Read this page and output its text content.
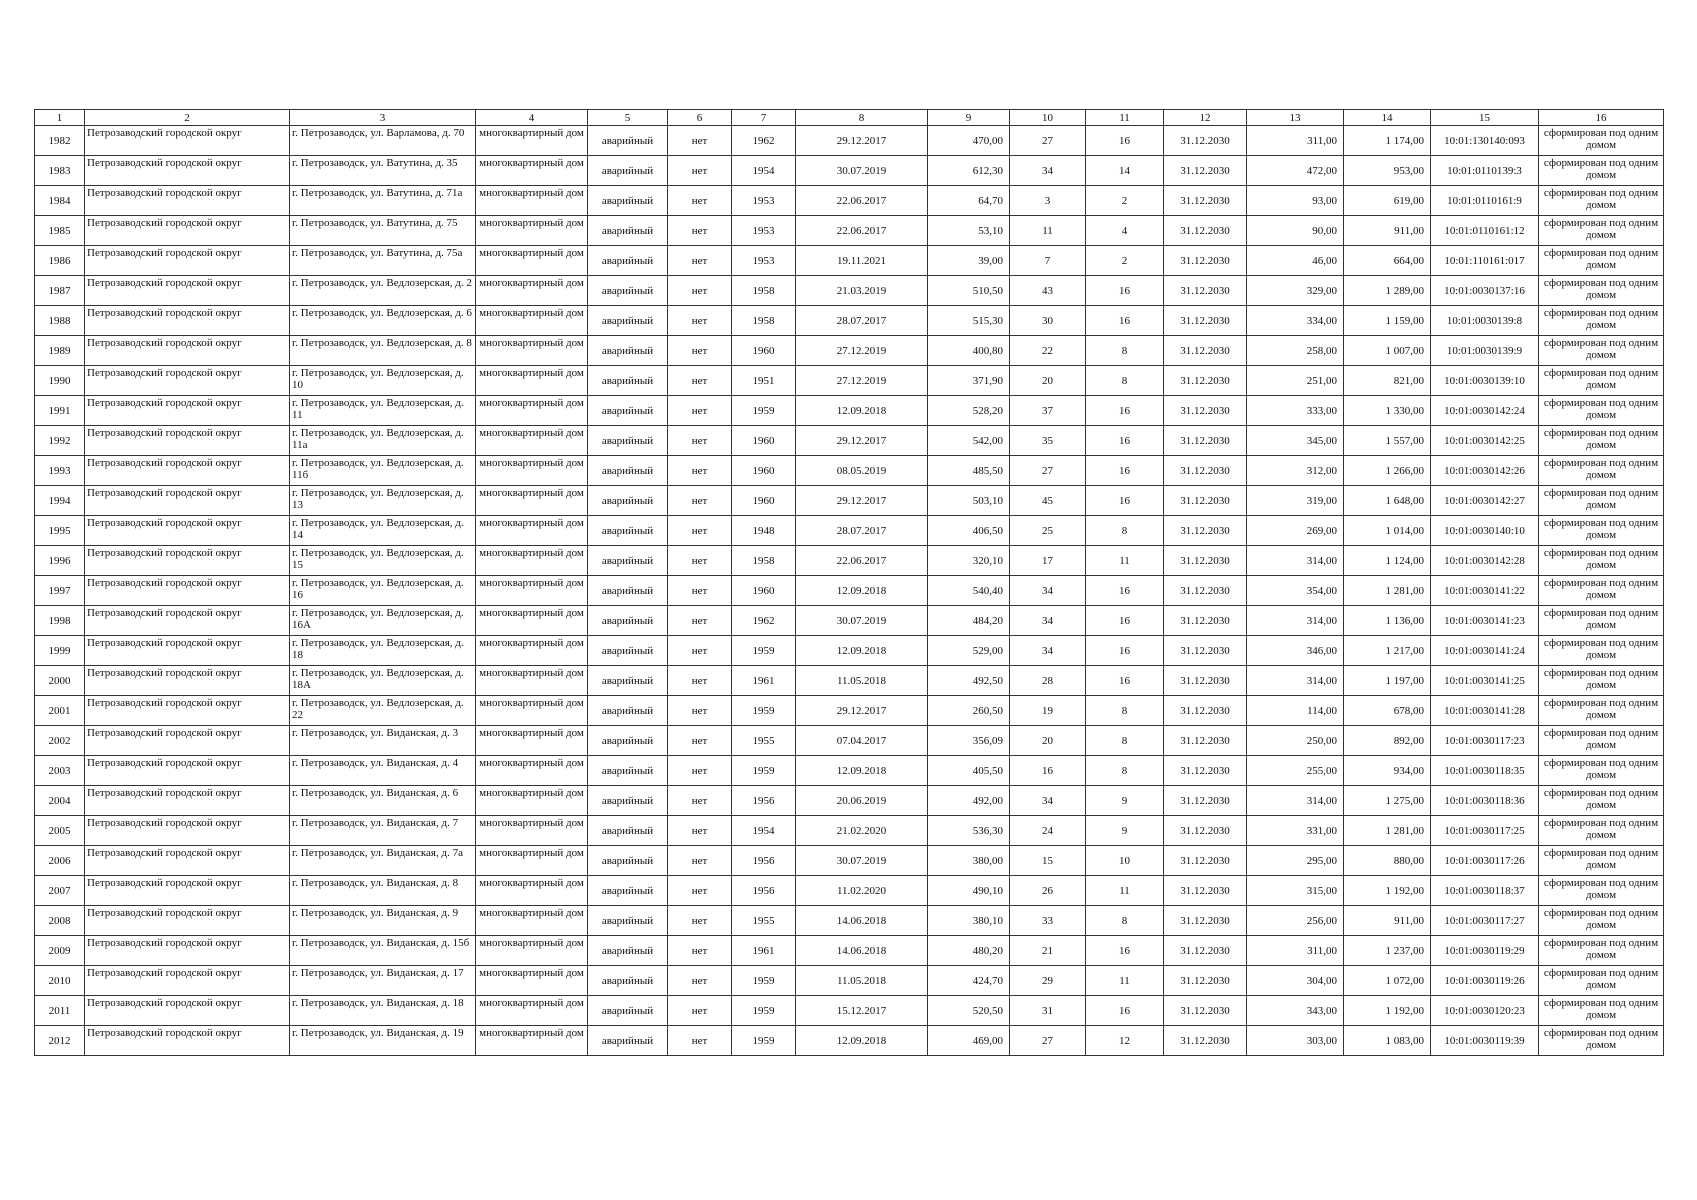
1	2	3	4	5	6	7	8	9	10	11	12	13	14	15	16
1982	Петрозаводский городской округ	г. Петрозаводск, ул. Варламова, д. 70	многоквартирный дом	аварийный	нет	1962	29.12.2017	470,00	27	16	31.12.2030	311,00	1 174,00	10:01:130140:093	сформирован под одним домом
1983	Петрозаводский городской округ	г. Петрозаводск, ул. Ватутина, д. 35	многоквартирный дом	аварийный	нет	1954	30.07.2019	612,30	34	14	31.12.2030	472,00	953,00	10:01:0110139:3	сформирован под одним домом
1984	Петрозаводский городской округ	г. Петрозаводск, ул. Ватутина, д. 71а	многоквартирный дом	аварийный	нет	1953	22.06.2017	64,70	3	2	31.12.2030	93,00	619,00	10:01:0110161:9	сформирован под одним домом
1985	Петрозаводский городской округ	г. Петрозаводск, ул. Ватутина, д. 75	многоквартирный дом	аварийный	нет	1953	22.06.2017	53,10	11	4	31.12.2030	90,00	911,00	10:01:0110161:12	сформирован под одним домом
1986	Петрозаводский городской округ	г. Петрозаводск, ул. Ватутина, д. 75а	многоквартирный дом	аварийный	нет	1953	19.11.2021	39,00	7	2	31.12.2030	46,00	664,00	10:01:110161:017	сформирован под одним домом
1987	Петрозаводский городской округ	г. Петрозаводск, ул. Ведлозерская, д. 2	многоквартирный дом	аварийный	нет	1958	21.03.2019	510,50	43	16	31.12.2030	329,00	1 289,00	10:01:0030137:16	сформирован под одним домом
1988	Петрозаводский городской округ	г. Петрозаводск, ул. Ведлозерская, д. 6	многоквартирный дом	аварийный	нет	1958	28.07.2017	515,30	30	16	31.12.2030	334,00	1 159,00	10:01:0030139:8	сформирован под одним домом
1989	Петрозаводский городской округ	г. Петрозаводск, ул. Ведлозерская, д. 8	многоквартирный дом	аварийный	нет	1960	27.12.2019	400,80	22	8	31.12.2030	258,00	1 007,00	10:01:0030139:9	сформирован под одним домом
1990	Петрозаводский городской округ	г. Петрозаводск, ул. Ведлозерская, д. 10	многоквартирный дом	аварийный	нет	1951	27.12.2019	371,90	20	8	31.12.2030	251,00	821,00	10:01:0030139:10	сформирован под одним домом
1991	Петрозаводский городской округ	г. Петрозаводск, ул. Ведлозерская, д. 11	многоквартирный дом	аварийный	нет	1959	12.09.2018	528,20	37	16	31.12.2030	333,00	1 330,00	10:01:0030142:24	сформирован под одним домом
1992	Петрозаводский городской округ	г. Петрозаводск, ул. Ведлозерская, д. 11а	многоквартирный дом	аварийный	нет	1960	29.12.2017	542,00	35	16	31.12.2030	345,00	1 557,00	10:01:0030142:25	сформирован под одним домом
1993	Петрозаводский городской округ	г. Петрозаводск, ул. Ведлозерская, д. 11б	многоквартирный дом	аварийный	нет	1960	08.05.2019	485,50	27	16	31.12.2030	312,00	1 266,00	10:01:0030142:26	сформирован под одним домом
1994	Петрозаводский городской округ	г. Петрозаводск, ул. Ведлозерская, д. 13	многоквартирный дом	аварийный	нет	1960	29.12.2017	503,10	45	16	31.12.2030	319,00	1 648,00	10:01:0030142:27	сформирован под одним домом
1995	Петрозаводский городской округ	г. Петрозаводск, ул. Ведлозерская, д. 14	многоквартирный дом	аварийный	нет	1948	28.07.2017	406,50	25	8	31.12.2030	269,00	1 014,00	10:01:0030140:10	сформирован под одним домом
1996	Петрозаводский городской округ	г. Петрозаводск, ул. Ведлозерская, д. 15	многоквартирный дом	аварийный	нет	1958	22.06.2017	320,10	17	11	31.12.2030	314,00	1 124,00	10:01:0030142:28	сформирован под одним домом
1997	Петрозаводский городской округ	г. Петрозаводск, ул. Ведлозерская, д. 16	многоквартирный дом	аварийный	нет	1960	12.09.2018	540,40	34	16	31.12.2030	354,00	1 281,00	10:01:0030141:22	сформирован под одним домом
1998	Петрозаводский городской округ	г. Петрозаводск, ул. Ведлозерская, д. 16А	многоквартирный дом	аварийный	нет	1962	30.07.2019	484,20	34	16	31.12.2030	314,00	1 136,00	10:01:0030141:23	сформирован под одним домом
1999	Петрозаводский городской округ	г. Петрозаводск, ул. Ведлозерская, д. 18	многоквартирный дом	аварийный	нет	1959	12.09.2018	529,00	34	16	31.12.2030	346,00	1 217,00	10:01:0030141:24	сформирован под одним домом
2000	Петрозаводский городской округ	г. Петрозаводск, ул. Ведлозерская, д. 18А	многоквартирный дом	аварийный	нет	1961	11.05.2018	492,50	28	16	31.12.2030	314,00	1 197,00	10:01:0030141:25	сформирован под одним домом
2001	Петрозаводский городской округ	г. Петрозаводск, ул. Ведлозерская, д. 22	многоквартирный дом	аварийный	нет	1959	29.12.2017	260,50	19	8	31.12.2030	114,00	678,00	10:01:0030141:28	сформирован под одним домом
2002	Петрозаводский городской округ	г. Петрозаводск, ул. Виданская, д. 3	многоквартирный дом	аварийный	нет	1955	07.04.2017	356,09	20	8	31.12.2030	250,00	892,00	10:01:0030117:23	сформирован под одним домом
2003	Петрозаводский городской округ	г. Петрозаводск, ул. Виданская, д. 4	многоквартирный дом	аварийный	нет	1959	12.09.2018	405,50	16	8	31.12.2030	255,00	934,00	10:01:0030118:35	сформирован под одним домом
2004	Петрозаводский городской округ	г. Петрозаводск, ул. Виданская, д. 6	многоквартирный дом	аварийный	нет	1956	20.06.2019	492,00	34	9	31.12.2030	314,00	1 275,00	10:01:0030118:36	сформирован под одним домом
2005	Петрозаводский городской округ	г. Петрозаводск, ул. Виданская, д. 7	многоквартирный дом	аварийный	нет	1954	21.02.2020	536,30	24	9	31.12.2030	331,00	1 281,00	10:01:0030117:25	сформирован под одним домом
2006	Петрозаводский городской округ	г. Петрозаводск, ул. Виданская, д. 7а	многоквартирный дом	аварийный	нет	1956	30.07.2019	380,00	15	10	31.12.2030	295,00	880,00	10:01:0030117:26	сформирован под одним домом
2007	Петрозаводский городской округ	г. Петрозаводск, ул. Виданская, д. 8	многоквартирный дом	аварийный	нет	1956	11.02.2020	490,10	26	11	31.12.2030	315,00	1 192,00	10:01:0030118:37	сформирован под одним домом
2008	Петрозаводский городской округ	г. Петрозаводск, ул. Виданская, д. 9	многоквартирный дом	аварийный	нет	1955	14.06.2018	380,10	33	8	31.12.2030	256,00	911,00	10:01:0030117:27	сформирован под одним домом
2009	Петрозаводский городской округ	г. Петрозаводск, ул. Виданская, д. 15б	многоквартирный дом	аварийный	нет	1961	14.06.2018	480,20	21	16	31.12.2030	311,00	1 237,00	10:01:0030119:29	сформирован под одним домом
2010	Петрозаводский городской округ	г. Петрозаводск, ул. Виданская, д. 17	многоквартирный дом	аварийный	нет	1959	11.05.2018	424,70	29	11	31.12.2030	304,00	1 072,00	10:01:0030119:26	сформирован под одним домом
2011	Петрозаводский городской округ	г. Петрозаводск, ул. Виданская, д. 18	многоквартирный дом	аварийный	нет	1959	15.12.2017	520,50	31	16	31.12.2030	343,00	1 192,00	10:01:0030120:23	сформирован под одним домом
2012	Петрозаводский городской округ	г. Петрозаводск, ул. Виданская, д. 19	многоквартирный дом	аварийный	нет	1959	12.09.2018	469,00	27	12	31.12.2030	303,00	1 083,00	10:01:0030119:39	сформирован под одним домом
